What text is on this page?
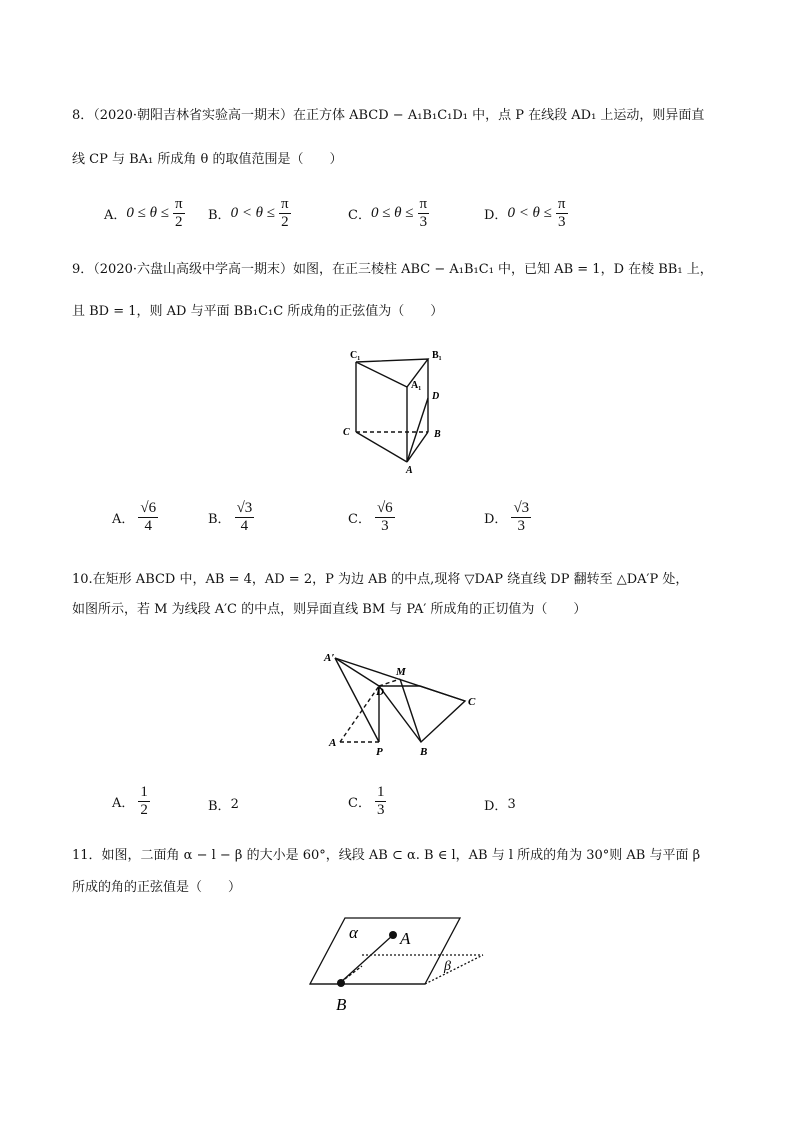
8．（2020·朝阳吉林省实验高一期末）在正方体 ABCD − A₁B₁C₁D₁ 中，点 P 在线段 AD₁ 上运动，则异面直

线 CP 与 BA₁ 所成角 θ 的取值范围是（　　）

A． $0 \le \theta \le \frac{\pi}{2}$ B． $0 < \theta \le \frac{\pi}{2}$	C． $0 \le \theta \le \frac{\pi}{3}$	D． $0 < \theta \le \frac{\pi}{3}$

9．（2020·六盘山高级中学高一期末）如图，在正三棱柱 ABC − A₁B₁C₁ 中，已知 AB = 1，D 在棱 BB₁ 上，

且 BD = 1，则 AD 与平面 BB₁C₁C 所成角的正弦值为（　　）

C₁	B₁
A₁
D
C	B
A
A． $\frac{√6}{4}$	B． $\frac{√3}{4}$	C． $\frac{√6}{3}$	D． $\frac{√3}{3}$

10.在矩形 ABCD 中，AB = 4，AD = 2，P 为边 AB 的中点,现将 ▽DAP 绕直线 DP 翻转至 △DA′P 处，

如图所示，若 M 为线段 A′C 的中点，则异面直线 BM 与 PA′ 所成角的正切值为（　　）

A′
M
D
C
A
P	B
A． $\frac{1}{2}$	B． 2	C． $\frac{1}{3}$	D． 3

11．如图，二面角 α − l − β 的大小是 60°，线段 AB ⊂ α. B ∈ l，AB 与 l 所成的角为 30°则 AB 与平面 β

所成的角的正弦值是（　　）

α A
β
B
